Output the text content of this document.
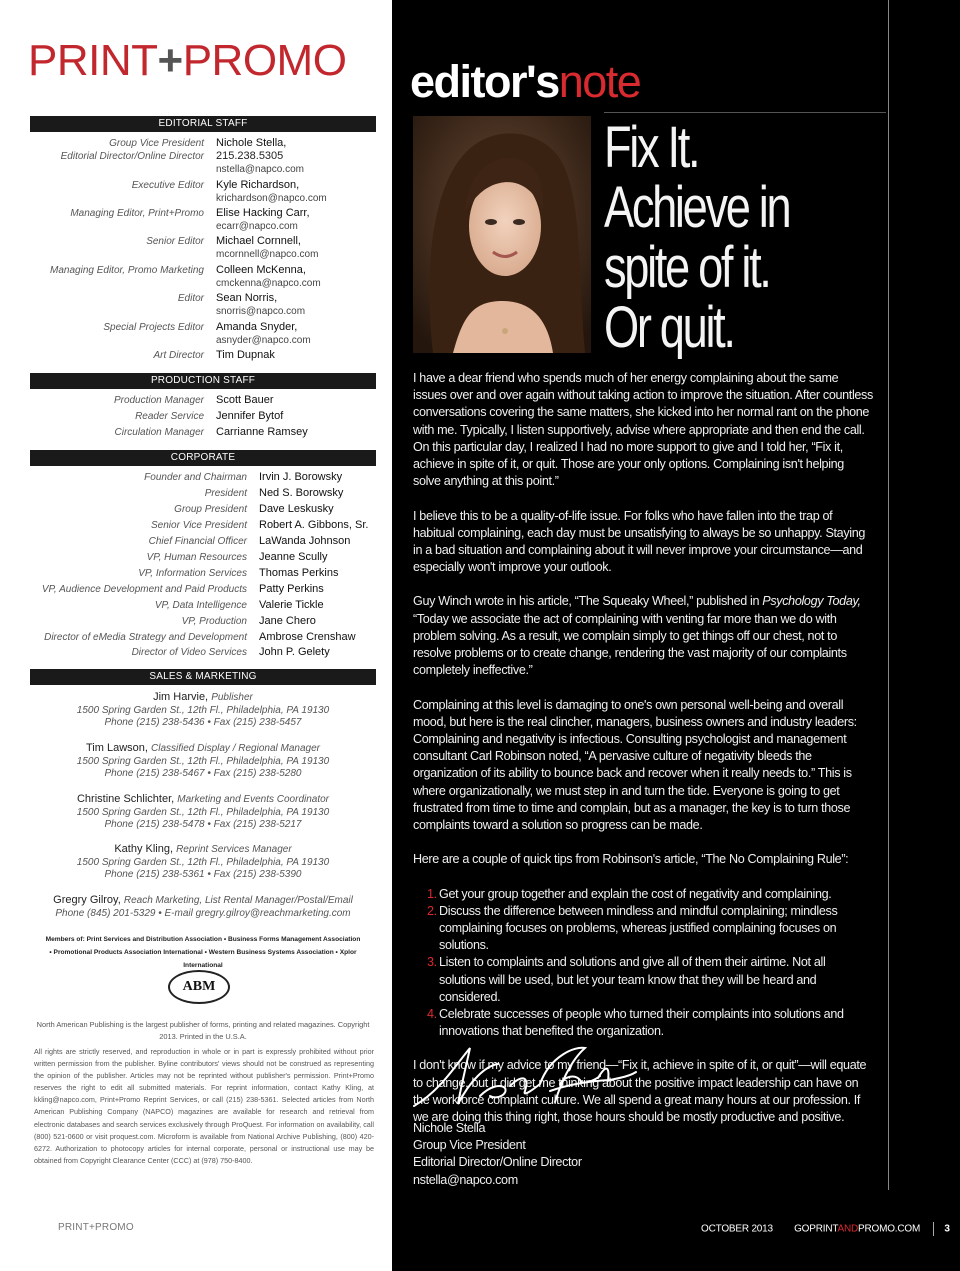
PRINT+PROMO
EDITORIAL STAFF
Group Vice President
Editorial Director/Online Director
Nichole Stella,
215.238.5305
nstella@napco.com
Executive Editor Kyle Richardson,
krichardson@napco.com
Managing Editor, Print+Promo Elise Hacking Carr,
ecarr@napco.com
Senior Editor Michael Cornnell,
mcornnell@napco.com
Managing Editor, Promo Marketing Colleen McKenna,
cmckenna@napco.com
Editor Sean Norris,
snorris@napco.com
Special Projects Editor Amanda Snyder,
asnyder@napco.com
Art Director Tim Dupnak
PRODUCTION STAFF
Production Manager Scott Bauer
Reader Service Jennifer Bytof
Circulation Manager Carrianne Ramsey
CORPORATE
Founder and Chairman Irvin J. Borowsky
President Ned S. Borowsky
Group President Dave Leskusky
Senior Vice President Robert A. Gibbons, Sr.
Chief Financial Officer LaWanda Johnson
VP, Human Resources Jeanne Scully
VP, Information Services Thomas Perkins
VP, Audience Development and Paid Products Patty Perkins
VP, Data Intelligence Valerie Tickle
VP, Production Jane Chero
Director of eMedia Strategy and Development Ambrose Crenshaw
Director of Video Services John P. Gelety
SALES & MARKETING
Jim Harvie, Publisher
1500 Spring Garden St., 12th Fl., Philadelphia, PA 19130
Phone (215) 238-5436 • Fax (215) 238-5457
Tim Lawson, Classified Display / Regional Manager
1500 Spring Garden St., 12th Fl., Philadelphia, PA 19130
Phone (215) 238-5467 • Fax (215) 238-5280
Christine Schlichter, Marketing and Events Coordinator
1500 Spring Garden St., 12th Fl., Philadelphia, PA 19130
Phone (215) 238-5478 • Fax (215) 238-5217
Kathy Kling, Reprint Services Manager
1500 Spring Garden St., 12th Fl., Philadelphia, PA 19130
Phone (215) 238-5361 • Fax (215) 238-5390
Gregry Gilroy, Reach Marketing, List Rental Manager/Postal/Email
Phone (845) 201-5329 • E-mail gregry.gilroy@reachmarketing.com
Members of: Print Services and Distribution Association • Business Forms Management Association
• Promotional Products Association International • Western Business Systems Association • Xplor International
ABM
North American Publishing is the largest publisher of forms, printing and related magazines. Copyright 2013. Printed in the U.S.A.
All rights are strictly reserved, and reproduction in whole or in part is expressly prohibited without prior written permission from the publisher. Byline contributors' views should not be construed as representing the opinion of the publisher. Articles may not be reprinted without publisher's permission. Print+Promo reserves the right to edit all submitted materials. For reprint information, contact Kathy Kling, at kkling@napco.com, Print+Promo Reprint Services, or call (215) 238-5361. Selected articles from North American Publishing Company (NAPCO) magazines are available for research and retrieval from electronic databases and search services exclusively through ProQuest. For information on availability, call (800) 521-0600 or visit proquest.com. Microform is available from National Archive Publishing, (800) 420-6272. Authorization to photocopy articles for internal corporate, personal or instructional use may be obtained from Copyright Clearance Center (CCC) at (978) 750-8400.
PRINT+PROMO
editor'snote
Fix It.
Achieve in
spite of it.
Or quit.

I have a dear friend who spends much of her energy complaining about the same issues over and over again without taking action to improve the situation. After countless conversations covering the same matters, she kicked into her normal rant on the phone with me. Typically, I listen supportively, advise where appropriate and then end the call. On this particular day, I realized I had no more support to give and I told her, “Fix it, achieve in spite of it, or quit. Those are your only options. Complaining isn't helping solve anything at this point.”

I believe this to be a quality-of-life issue. For folks who have fallen into the trap of habitual complaining, each day must be unsatisfying to always be so unhappy. Staying in a bad situation and complaining about it will never improve your circumstance—and especially won't improve your outlook.

Guy Winch wrote in his article, “The Squeaky Wheel,” published in Psychology Today, “Today we associate the act of complaining with venting far more than we do with problem solving. As a result, we complain simply to get things off our chest, not to resolve problems or to create change, rendering the vast majority of our complaints completely ineffective.”

Complaining at this level is damaging to one's own personal well-being and overall mood, but here is the real clincher, managers, business owners and industry leaders: Complaining and negativity is infectious. Consulting psychologist and management consultant Carl Robinson noted, “A pervasive culture of negativity bleeds the organization of its ability to bounce back and recover when it really needs to.” This is where organizationally, we must step in and turn the tide. Everyone is going to get frustrated from time to time and complain, but as a manager, the key is to turn those complaints toward a solution so progress can be made.

Here are a couple of quick tips from Robinson's article, “The No Complaining Rule”:

1. Get your group together and explain the cost of negativity and complaining.
2. Discuss the difference between mindless and mindful complaining; mindless complaining focuses on problems, whereas justified complaining focuses on solutions.
3. Listen to complaints and solutions and give all of them their airtime. Not all solutions will be used, but let your team know that they will be heard and considered.
4. Celebrate successes of people who turned their complaints into solutions and innovations that benefited the organization.

I don't know if my advice to my friend—“Fix it, achieve in spite of it, or quit”—will equate to change, but it did get me thinking about the positive impact leadership can have on the workforce complaint culture. We all spend a great many hours at our profession. If we are doing this thing right, those hours should be mostly productive and positive.

Nichole Stella
Group Vice President
Editorial Director/Online Director
nstella@napco.com
OCTOBER 2013 GOPRINTANDPROMO.COM 3
